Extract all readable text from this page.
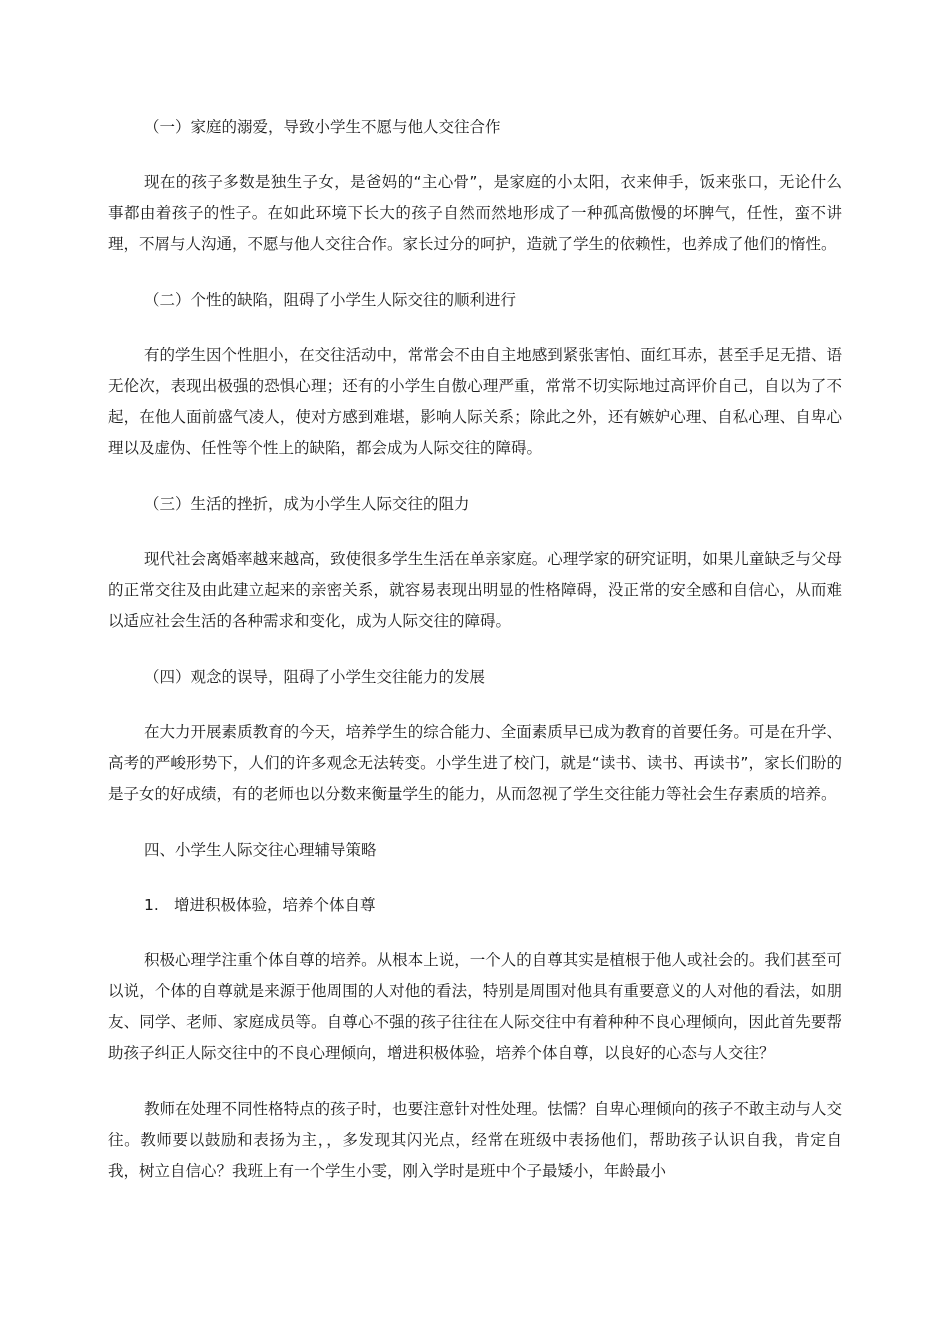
（一）家庭的溺爱，导致小学生不愿与他人交往合作

现在的孩子多数是独生子女，是爸妈的“主心骨”，是家庭的小太阳，衣来伸手，饭来张口，无论什么事都由着孩子的性子。在如此环境下长大的孩子自然而然地形成了一种孤高傲慢的坏脾气，任性，蛮不讲理，不屑与人沟通，不愿与他人交往合作。家长过分的呵护，造就了学生的依赖性，也养成了他们的惰性。

（二）个性的缺陷，阻碍了小学生人际交往的顺利进行

有的学生因个性胆小，在交往活动中，常常会不由自主地感到紧张害怕、面红耳赤，甚至手足无措、语无伦次，表现出极强的恐惧心理；还有的小学生自傲心理严重，常常不切实际地过高评价自己，自以为了不起，在他人面前盛气凌人，使对方感到难堪，影响人际关系；除此之外，还有嫉妒心理、自私心理、自卑心理以及虚伪、任性等个性上的缺陷，都会成为人际交往的障碍。

（三）生活的挫折，成为小学生人际交往的阻力

现代社会离婚率越来越高，致使很多学生生活在单亲家庭。心理学家的研究证明，如果儿童缺乏与父母的正常交往及由此建立起来的亲密关系，就容易表现出明显的性格障碍，没正常的安全感和自信心，从而难以适应社会生活的各种需求和变化，成为人际交往的障碍。

（四）观念的误导，阻碍了小学生交往能力的发展

在大力开展素质教育的今天，培养学生的综合能力、全面素质早已成为教育的首要任务。可是在升学、高考的严峻形势下，人们的许多观念无法转变。小学生进了校门，就是“读书、读书、再读书”，家长们盼的是子女的好成绩，有的老师也以分数来衡量学生的能力，从而忽视了学生交往能力等社会生存素质的培养。

四、小学生人际交往心理辅导策略

1. 增进积极体验，培养个体自尊

积极心理学注重个体自尊的培养。从根本上说，一个人的自尊其实是植根于他人或社会的。我们甚至可以说，个体的自尊就是来源于他周围的人对他的看法，特别是周围对他具有重要意义的人对他的看法，如朋友、同学、老师、家庭成员等。自尊心不强的孩子往往在人际交往中有着种种不良心理倾向，因此首先要帮助孩子纠正人际交往中的不良心理倾向，增进积极体验，培养个体自尊，以良好的心态与人交往？

教师在处理不同性格特点的孩子时，也要注意针对性处理。怯懦？自卑心理倾向的孩子不敢主动与人交往。教师要以鼓励和表扬为主，，多发现其闪光点，经常在班级中表扬他们，帮助孩子认识自我，肯定自我，树立自信心？我班上有一个学生小雯，刚入学时是班中个子最矮小，年龄最小
